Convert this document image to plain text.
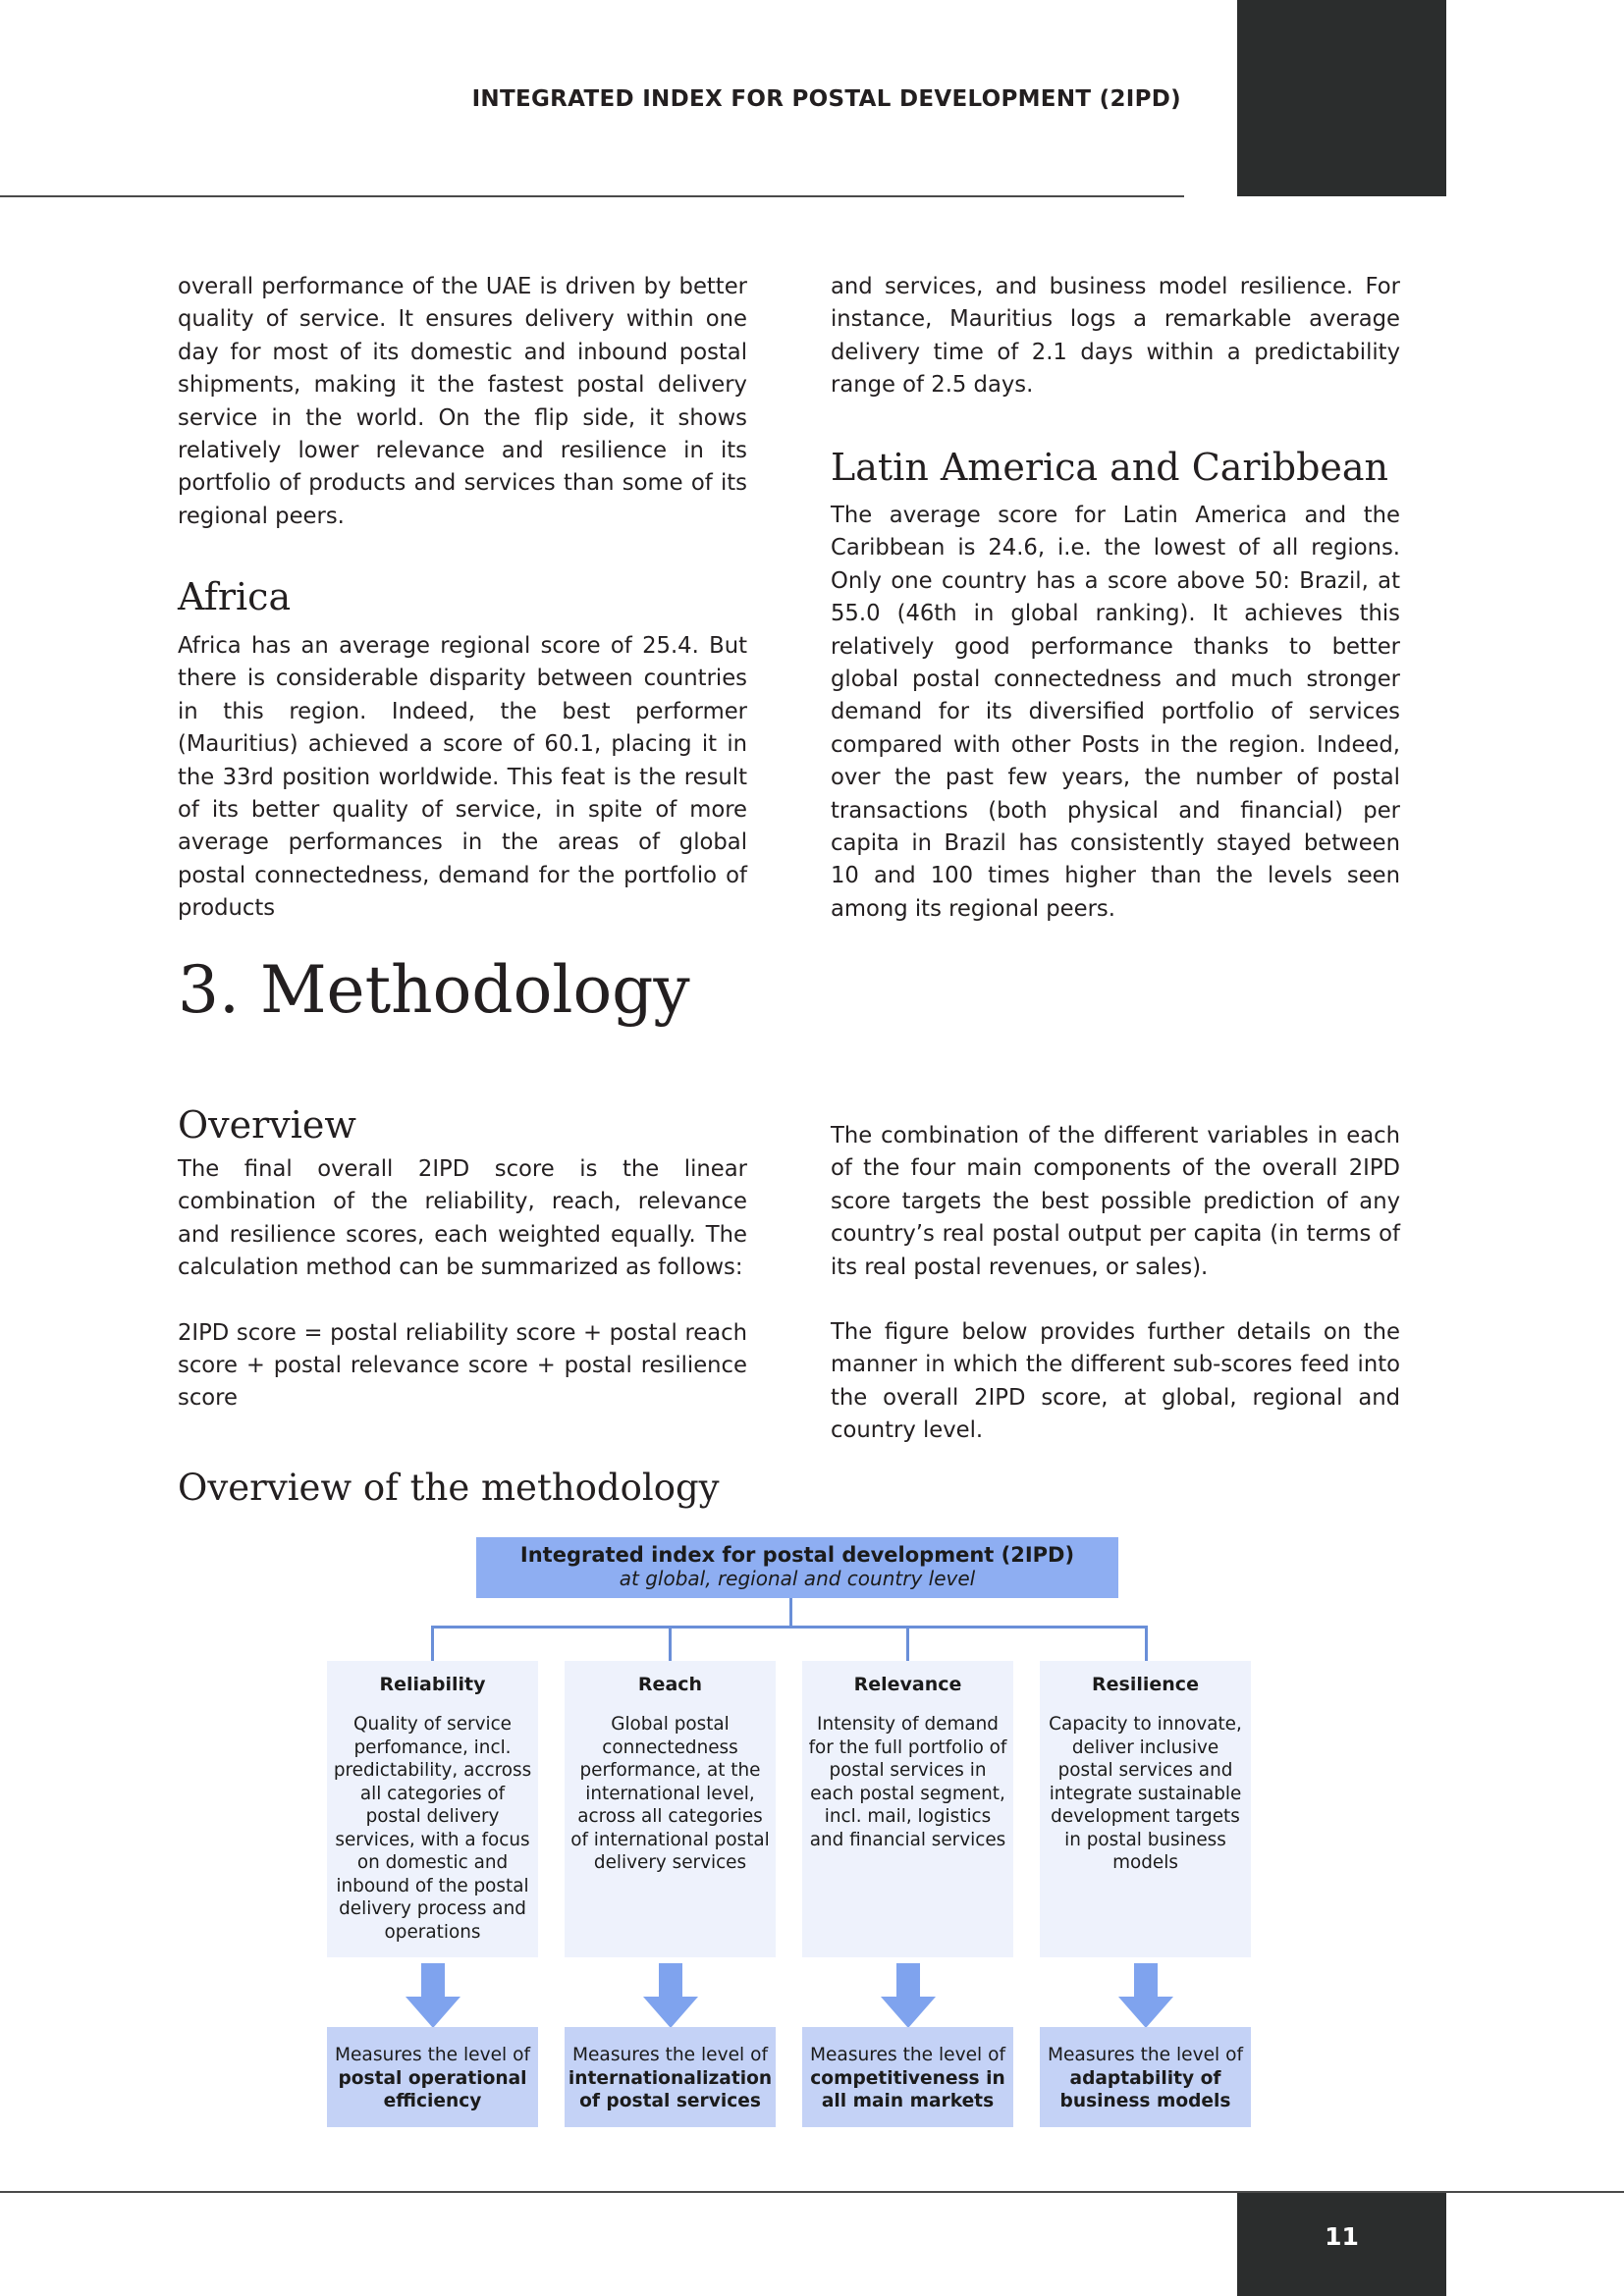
INTEGRATED INDEX FOR POSTAL DEVELOPMENT (2IPD)

overall performance of the UAE is driven by better quality of service. It ensures delivery within one day for most of its domestic and inbound postal shipments, making it the fastest postal delivery service in the world. On the flip side, it shows relatively lower relevance and resilience in its portfolio of products and services than some of its regional peers.

Africa

Africa has an average regional score of 25.4. But there is considerable disparity between countries in this region. Indeed, the best performer (Mauritius) achieved a score of 60.1, placing it in the 33rd position worldwide. This feat is the result of its better quality of service, in spite of more average performances in the areas of global postal connectedness, demand for the portfolio of products

and services, and business model resilience. For instance, Mauritius logs a remarkable average delivery time of 2.1 days within a predictability range of 2.5 days.

Latin America and Caribbean

The average score for Latin America and the Caribbean is 24.6, i.e. the lowest of all regions. Only one country has a score above 50: Brazil, at 55.0 (46th in global ranking). It achieves this relatively good performance thanks to better global postal connectedness and much stronger demand for its diversified portfolio of services compared with other Posts in the region. Indeed, over the past few years, the number of postal transactions (both physical and financial) per capita in Brazil has consistently stayed between 10 and 100 times higher than the levels seen among its regional peers.

3. Methodology
Overview

The final overall 2IPD score is the linear combination of the reliability, reach, relevance and resilience scores, each weighted equally. The calculation method can be summarized as follows:

2IPD score = postal reliability score + postal reach score + postal relevance score + postal resilience score

The combination of the different variables in each of the four main components of the overall 2IPD score targets the best possible prediction of any country’s real postal output per capita (in terms of its real postal revenues, or sales).

The figure below provides further details on the manner in which the different sub-scores feed into the overall 2IPD score, at global, regional and country level.

Overview of the methodology
Integrated index for postal development (2IPD)
at global, regional and country level
Reliability
Quality of service perfomance, incl. predictability, accross all categories of postal delivery services, with a focus on domestic and inbound of the postal delivery process and operations
Reach
Global postal connectedness performance, at the international level, across all categories of international postal delivery services
Relevance
Intensity of demand for the full portfolio of postal services in each postal segment, incl. mail, logistics and financial services
Resilience
Capacity to innovate, deliver inclusive postal services and integrate sustainable development targets in postal business models
Measures the level of
postal operational efficiency
Measures the level of
internationalization of postal services
Measures the level of
competitiveness in all main markets
Measures the level of
adaptability of business models
11
